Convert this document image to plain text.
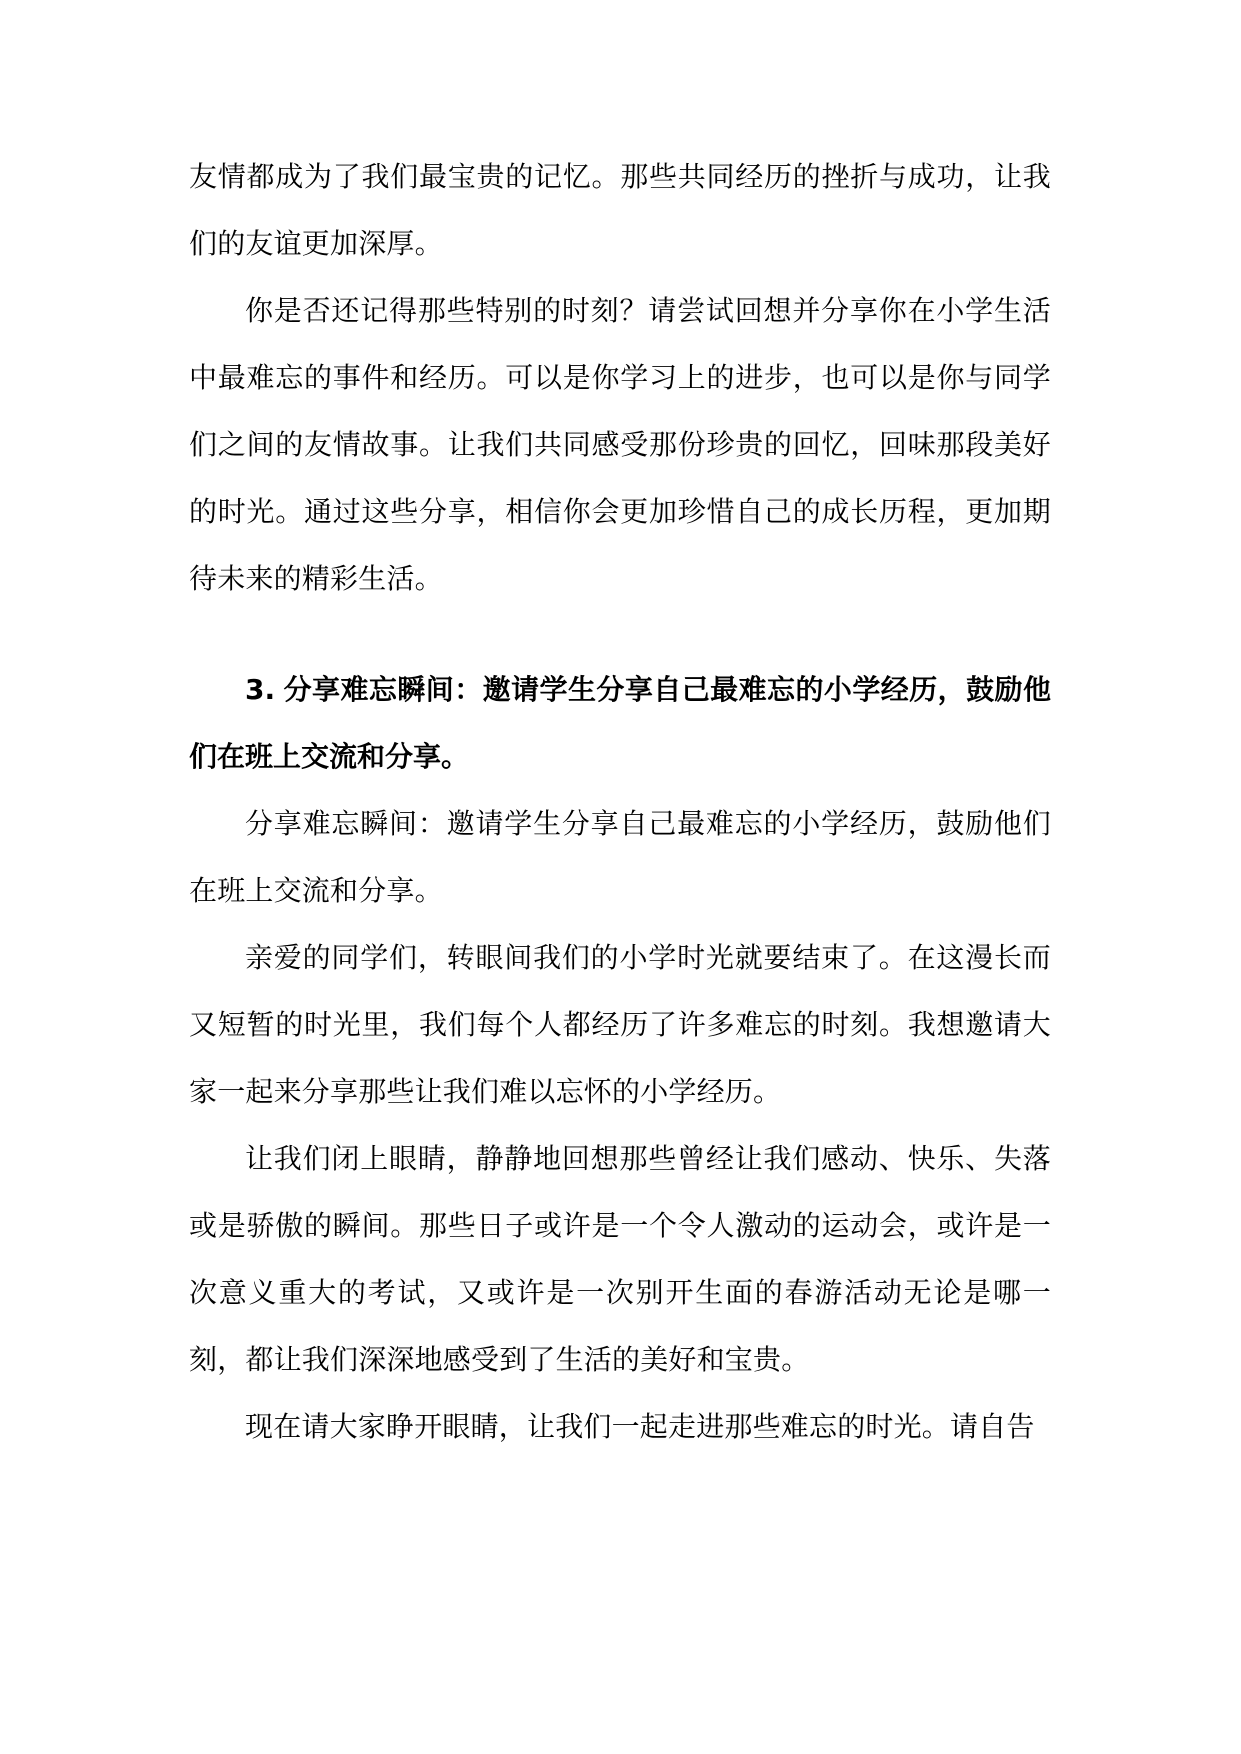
友情都成为了我们最宝贵的记忆。那些共同经历的挫折与成功，让我们的友谊更加深厚。

你是否还记得那些特别的时刻？请尝试回想并分享你在小学生活中最难忘的事件和经历。可以是你学习上的进步，也可以是你与同学们之间的友情故事。让我们共同感受那份珍贵的回忆，回味那段美好的时光。通过这些分享，相信你会更加珍惜自己的成长历程，更加期待未来的精彩生活。

3. 分享难忘瞬间：邀请学生分享自己最难忘的小学经历，鼓励他们在班上交流和分享。

分享难忘瞬间：邀请学生分享自己最难忘的小学经历，鼓励他们在班上交流和分享。

亲爱的同学们，转眼间我们的小学时光就要结束了。在这漫长而又短暂的时光里，我们每个人都经历了许多难忘的时刻。我想邀请大家一起来分享那些让我们难以忘怀的小学经历。

让我们闭上眼睛，静静地回想那些曾经让我们感动、快乐、失落或是骄傲的瞬间。那些日子或许是一个令人激动的运动会，或许是一次意义重大的考试，又或许是一次别开生面的春游活动无论是哪一刻，都让我们深深地感受到了生活的美好和宝贵。

现在请大家睁开眼睛，让我们一起走进那些难忘的时光。请自告
